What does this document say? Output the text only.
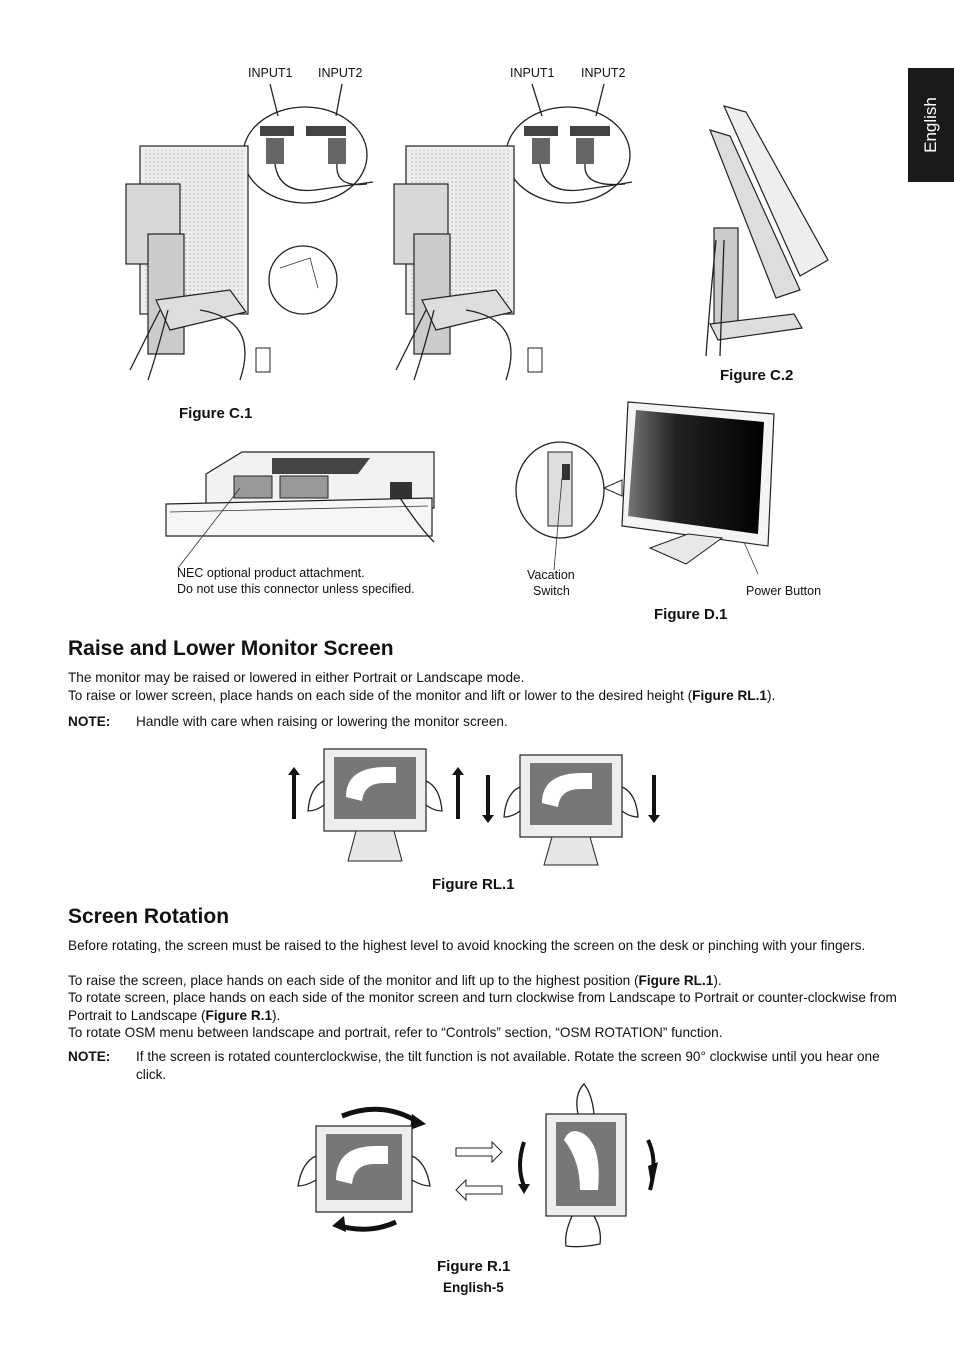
English
INPUT1 INPUT2	INPUT1 INPUT2
Figure C.2
Figure C.1
NEC optional product attachment.
Do not use this connector unless specified.
Vacation
Switch	Power Button
Figure D.1
Raise and Lower Monitor Screen
The monitor may be raised or lowered in either Portrait or Landscape mode.
To raise or lower screen, place hands on each side of the monitor and lift or lower to the desired height (Figure RL.1).
NOTE: Handle with care when raising or lowering the monitor screen.
Figure RL.1
Screen Rotation
Before rotating, the screen must be raised to the highest level to avoid knocking the screen on the desk or pinching with your fingers.
To raise the screen, place hands on each side of the monitor and lift up to the highest position (Figure RL.1).
To rotate screen, place hands on each side of the monitor screen and turn clockwise from Landscape to Portrait or counter-clockwise from Portrait to Landscape (Figure R.1).
To rotate OSM menu between landscape and portrait, refer to “Controls” section, “OSM ROTATION” function.
NOTE: If the screen is rotated counterclockwise, the tilt function is not available. Rotate the screen 90° clockwise until you hear one click.
Figure R.1
English-5
